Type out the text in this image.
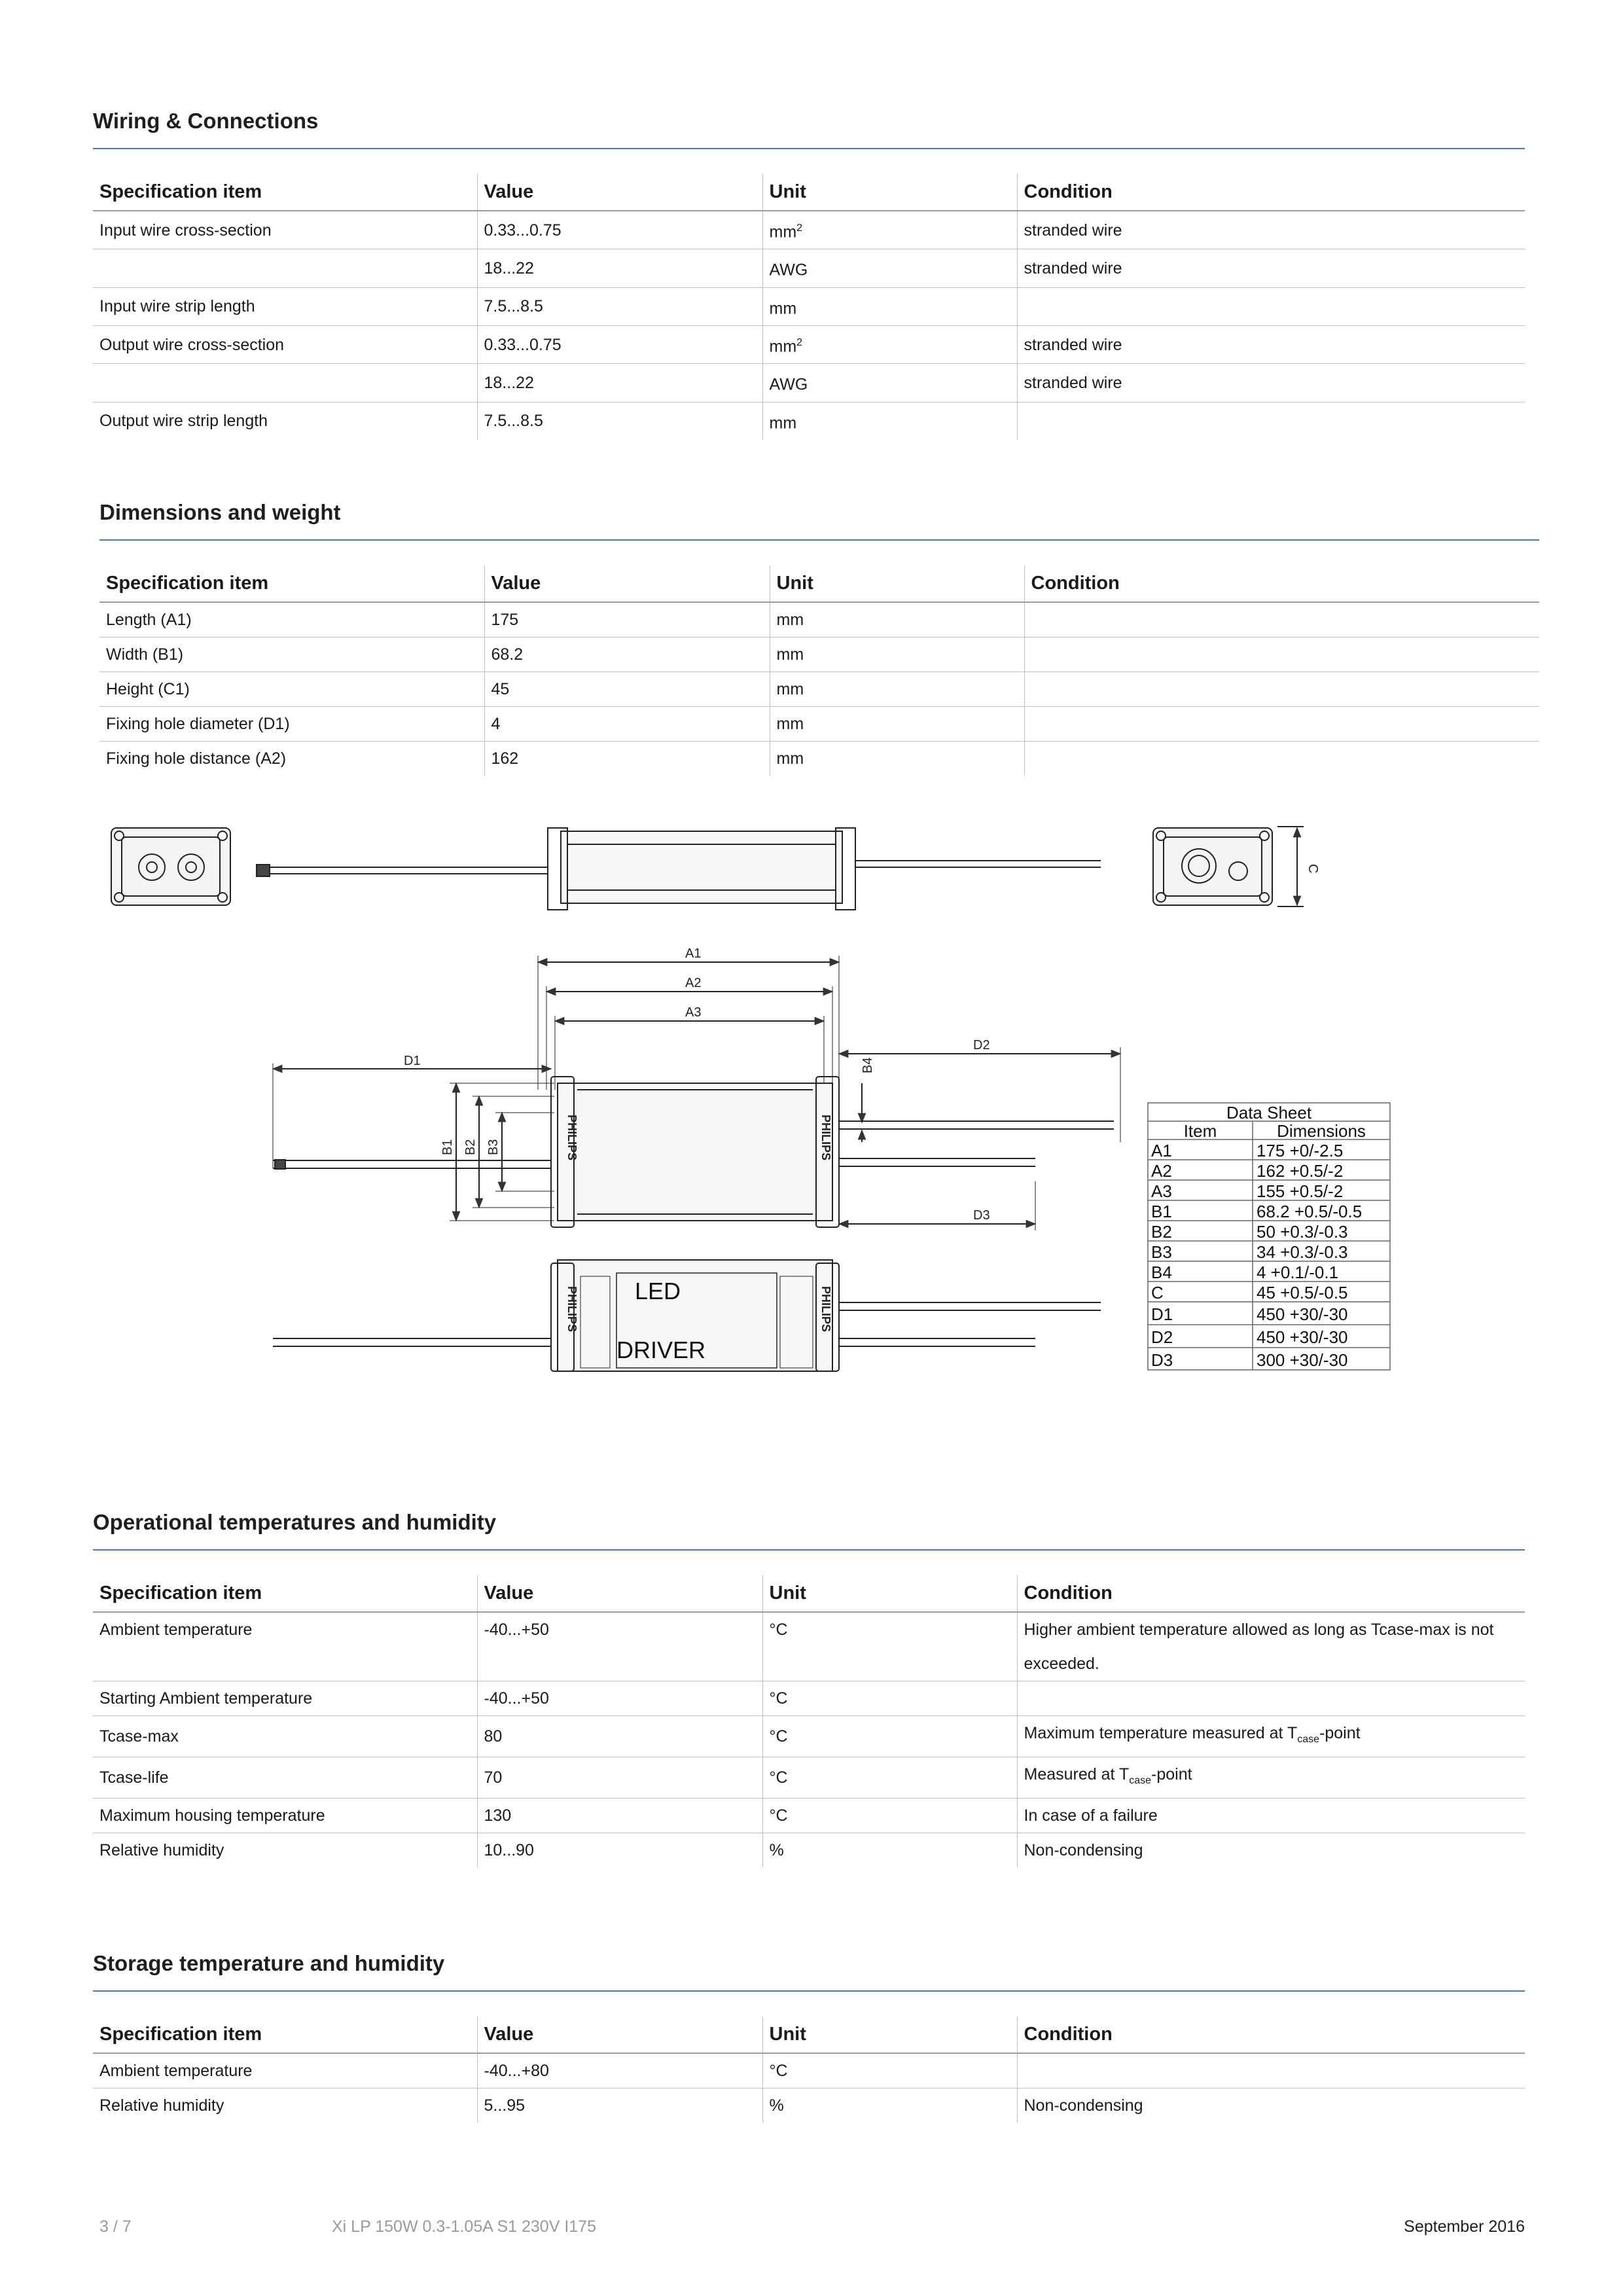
Wiring & Connections
Specification item	Value	Unit	Condition
Input wire cross-section	0.33...0.75	$mm^2$	stranded wire
	18...22	AWG	stranded wire
Input wire strip length	7.5...8.5	mm	
Output wire cross-section	0.33...0.75	$mm^2$	stranded wire
	18...22	AWG	stranded wire
Output wire strip length	7.5...8.5	mm	
Dimensions and weight
Specification item	Value	Unit	Condition
Length (A1)	175	mm	
Width (B1)	68.2	mm	
Height (C1)	45	mm	
Fixing hole diameter (D1)	4	mm	
Fixing hole distance (A2)	162	mm	
A1
A2
A3
D1
D2
D3
B1 B2 B3
B4
C
PHILIPS	PHILIPS
PHILIPS	PHILIPS
LED
DRIVER
Data Sheet
Item	Dimensions
A1	175 +0/-2.5
A2	162 +0.5/-2
A3	155 +0.5/-2
B1	68.2 +0.5/-0.5
B2	50 +0.3/-0.3
B3	34 +0.3/-0.3
B4	4 +0.1/-0.1
C	45 +0.5/-0.5
D1	450 +30/-30
D2	450 +30/-30
D3	300 +30/-30
Operational temperatures and humidity
Specification item	Value	Unit	Condition
Ambient temperature	-40...+50	°C	Higher ambient temperature allowed as long as Tcase-max is not exceeded.
Starting Ambient temperature	-40...+50	°C	
Tcase-max	80	°C	Maximum temperature measured at $T_{case}$-point
Tcase-life	70	°C	Measured at $T_{case}$-point
Maximum housing temperature	130	°C	In case of a failure
Relative humidity	10...90	%	Non-condensing
Storage temperature and humidity
Specification item	Value	Unit	Condition
Ambient temperature	-40...+80	°C	
Relative humidity	5...95	%	Non-condensing
3 / 7	Xi LP 150W 0.3-1.05A S1 230V I175	September 2016
